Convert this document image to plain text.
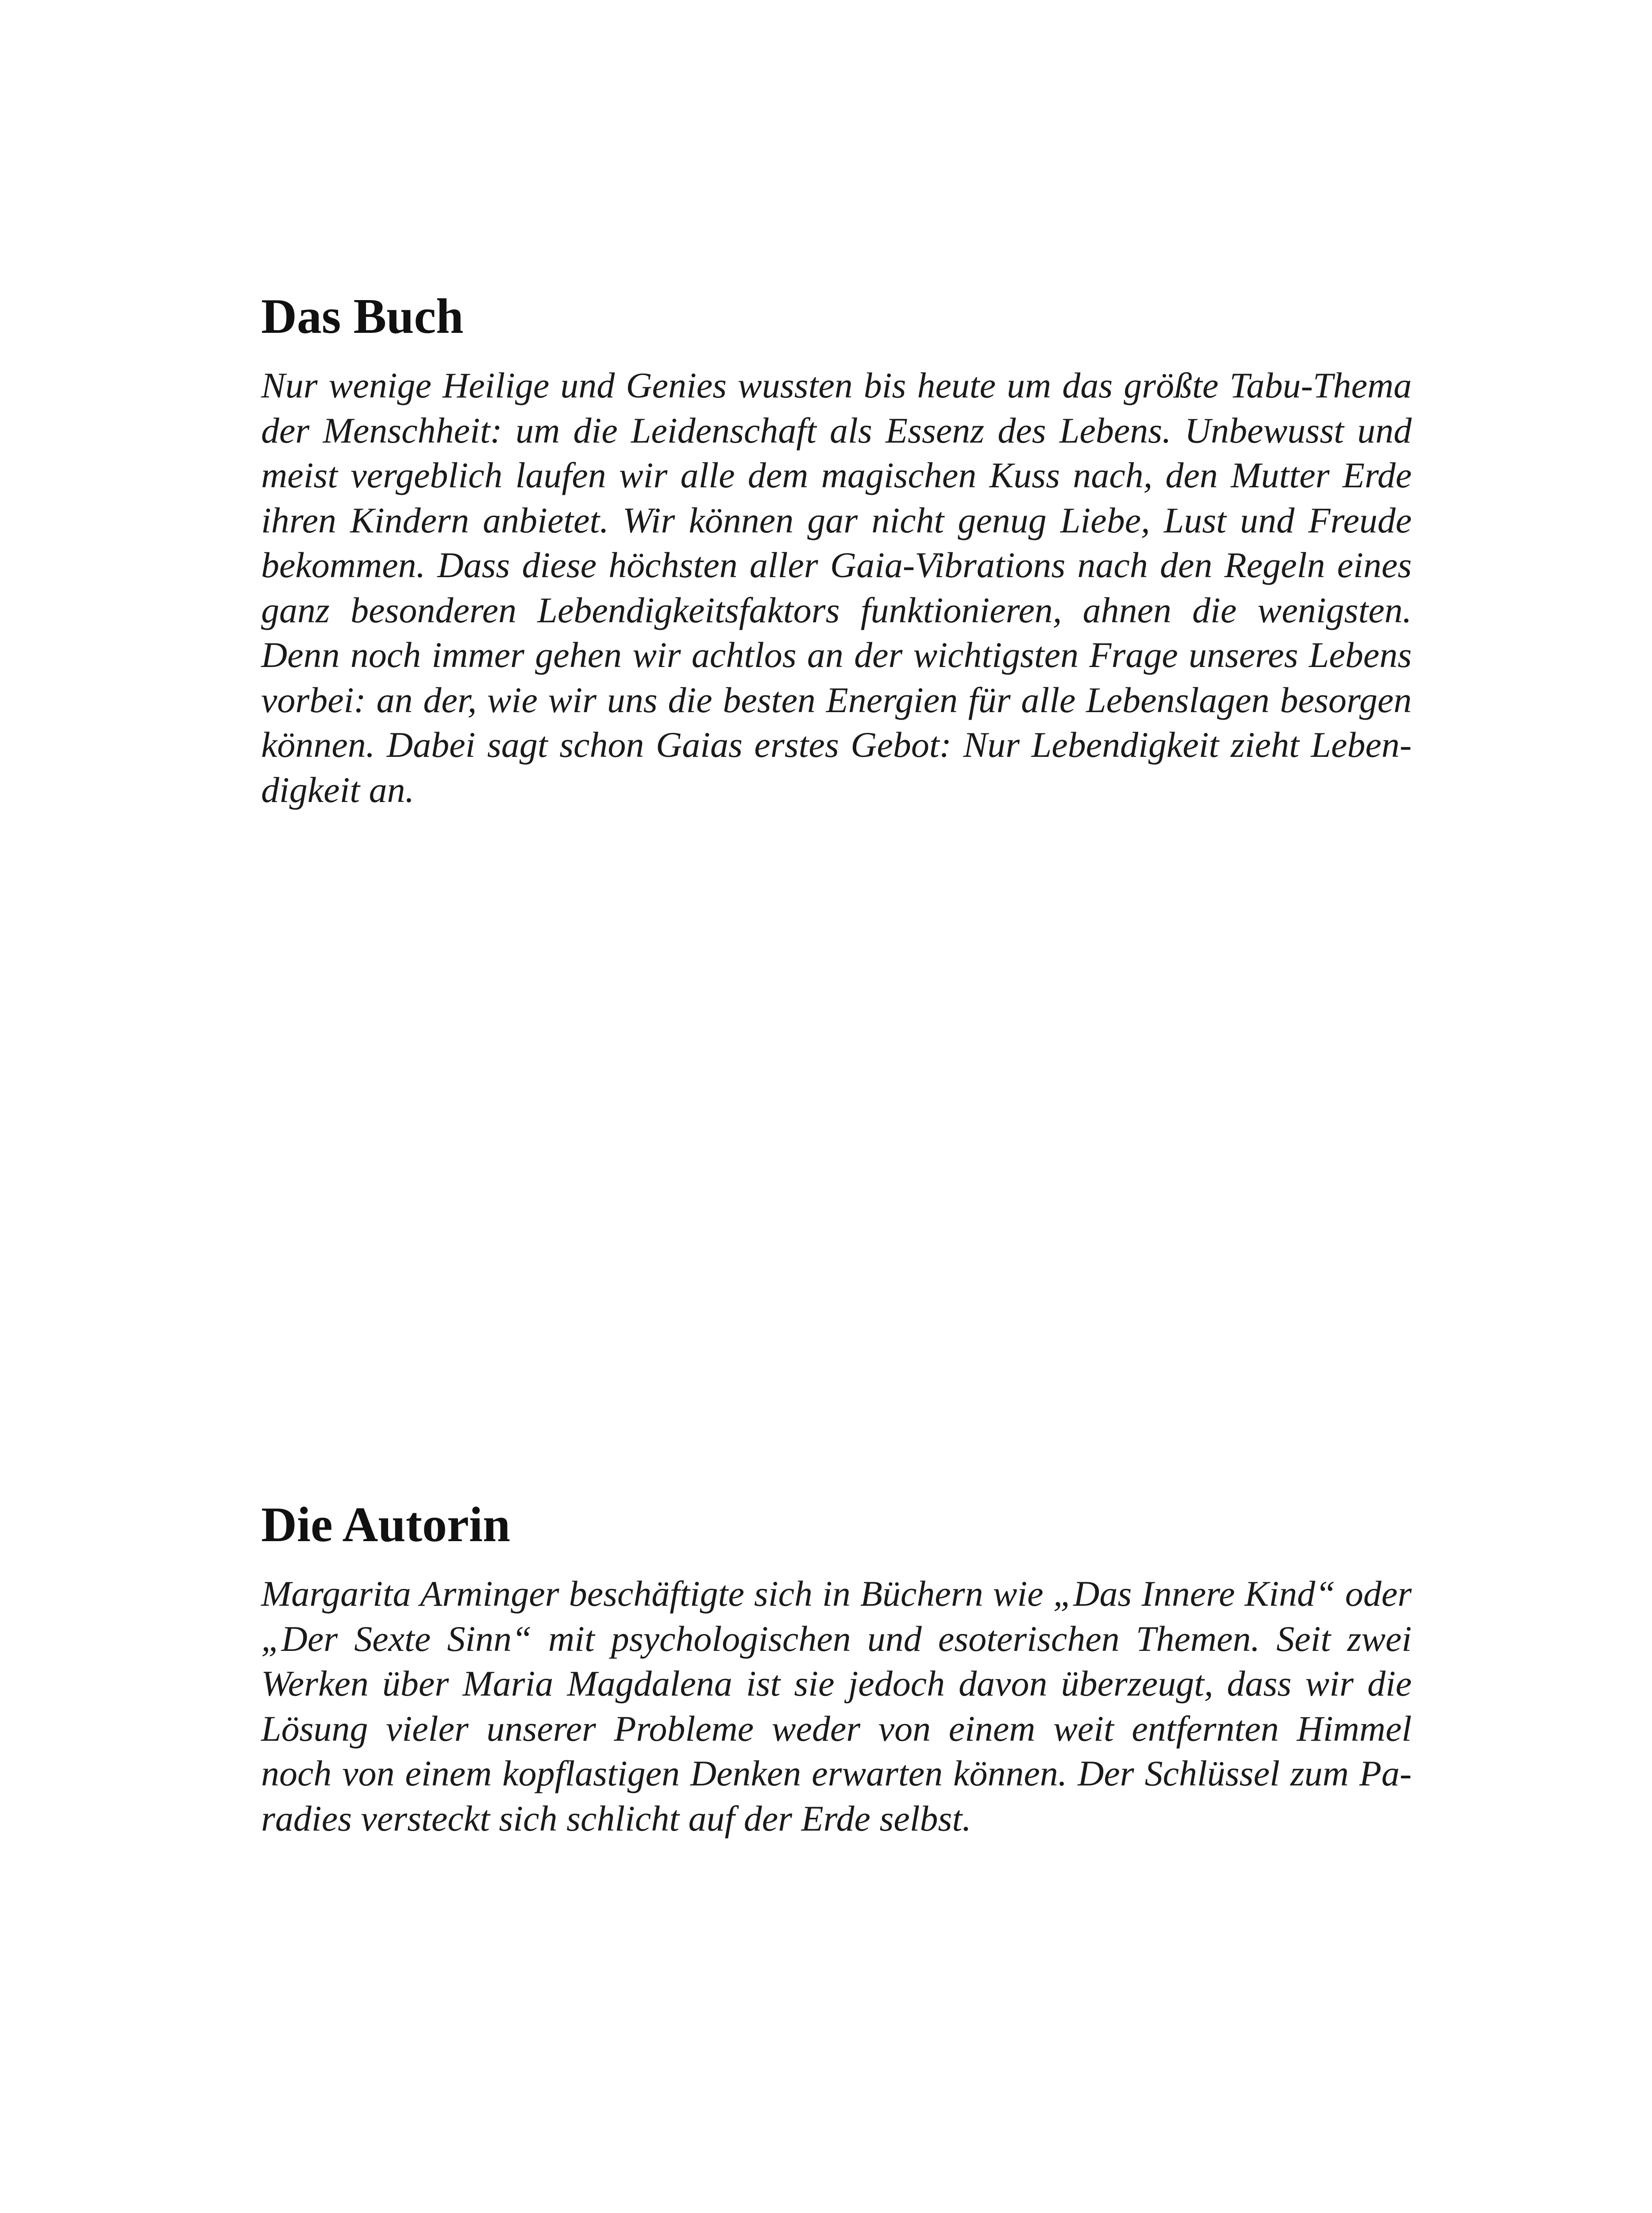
Das Buch
Nur wenige Heilige und Genies wussten bis heute um das größte Tabu-Thema
der Menschheit: um die Leidenschaft als Essenz des Lebens. Unbewusst und
meist vergeblich laufen wir alle dem magischen Kuss nach, den Mutter Erde
ihren Kindern anbietet. Wir können gar nicht genug Liebe, Lust und Freude
bekommen. Dass diese höchsten aller Gaia-Vibrations nach den Regeln eines
ganz besonderen Lebendigkeitsfaktors funktionieren, ahnen die wenigsten.
Denn noch immer gehen wir achtlos an der wichtigsten Frage unseres Lebens
vorbei: an der, wie wir uns die besten Energien für alle Lebenslagen besorgen
können. Dabei sagt schon Gaias erstes Gebot: Nur Lebendigkeit zieht Leben-
digkeit an.
Die Autorin
Margarita Arminger beschäftigte sich in Büchern wie „Das Innere Kind“ oder
„Der Sexte Sinn“ mit psychologischen und esoterischen Themen. Seit zwei
Werken über Maria Magdalena ist sie jedoch davon überzeugt, dass wir die
Lösung vieler unserer Probleme weder von einem weit entfernten Himmel
noch von einem kopflastigen Denken erwarten können. Der Schlüssel zum Pa-
radies versteckt sich schlicht auf der Erde selbst.
